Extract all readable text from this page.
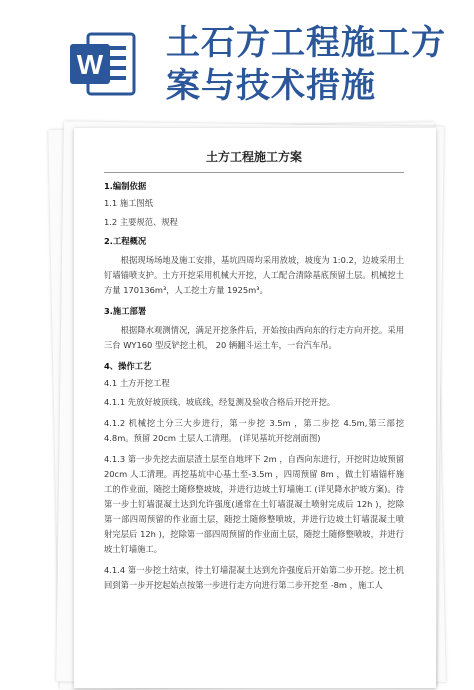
W
土石方工程施工方
案与技术措施
土方工程施工方案
1.编制依据
1.1 施工图纸
1.2 主要规范、规程
2.工程概况
根据现场场地及施工安排，基坑四周均采用放坡，坡度为 1:0.2，边坡采用土钉墙锚喷支护。土方开挖采用机械大开挖，人工配合清除基底预留土层。机械挖土方量 170136m³，人工挖土方量 1925m³。
3.施工部署
根据降水观测情况，满足开挖条件后，开始按由西向东的行走方向开挖。采用三台 WY160 型反铲挖土机， 20 辆翻斗运土车，一台汽车吊。
4、操作工艺
4.1 土方开挖工程
4.1.1 先放好坡顶线、坡底线，经复测及验收合格后开挖开挖。
4.1.2 机械挖土分三大步进行，第一步挖 3.5m ，第二步挖 4.5m,第三部挖 4.8m。预留 20cm 土层人工清理。 (详见基坑开挖剖面图)
4.1.3 第一步先挖去面层渣土层至自地坪下 2m ，自西向东进行，开挖时边坡预留20cm 人工清理。再挖基坑中心基土至-3.5m ，四周预留 8m ，做土钉墙锚杆施工的作业面，随挖土随修整坡坡，并进行边坡土钉墙施工 (详见降水护坡方案)。待第一步土钉墙混凝土达到允许强度(通常在土钉墙混凝土喷射完成后 12h )，挖除第一部四周预留的作业面土层，随挖土随修整喷坡，并进行边坡土钉墙混凝土喷 射完层后 12h )，挖除第一部四周预留的作业面土层，随挖土随修整喷坡，并进行坡土钉墙施工。
4.1.4 第一步挖土结束，待土钉墙混凝土达到允许强度后开始第二步开挖。挖土机回到第一步开挖起始点按第一步进行走方向进行第二步开挖至 -8m ，施工人
